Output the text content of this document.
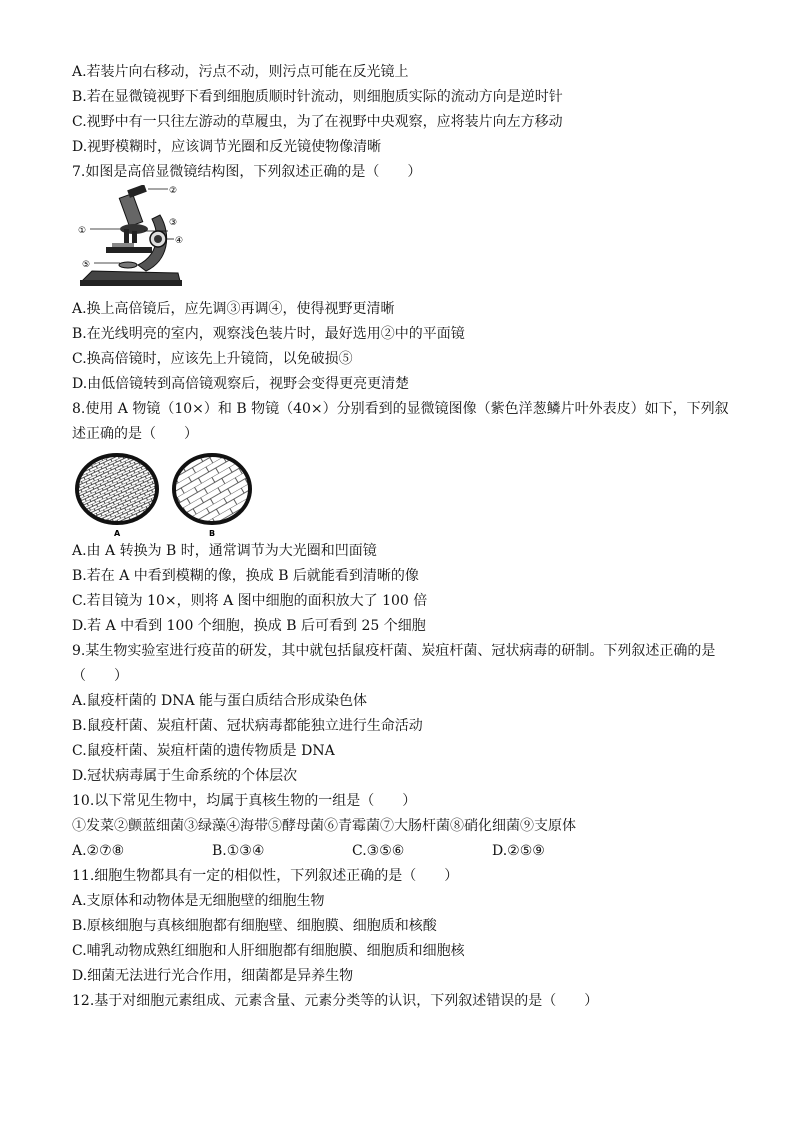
A.若装片向右移动，污点不动，则污点可能在反光镜上
B.若在显微镜视野下看到细胞质顺时针流动，则细胞质实际的流动方向是逆时针
C.视野中有一只往左游动的草履虫，为了在视野中央观察，应将装片向左方移动
D.视野模糊时，应该调节光圈和反光镜使物像清晰
7.如图是高倍显微镜结构图，下列叙述正确的是（　　）
②
①
③
④
⑤
A.换上高倍镜后，应先调③再调④，使得视野更清晰
B.在光线明亮的室内，观察浅色装片时，最好选用②中的平面镜
C.换高倍镜时，应该先上升镜筒，以免破损⑤
D.由低倍镜转到高倍镜观察后，视野会变得更亮更清楚
8.使用 A 物镜（10×）和 B 物镜（40×）分别看到的显微镜图像（紫色洋葱鳞片叶外表皮）如下，下列叙
述正确的是（　　）
A	B
A.由 A 转换为 B 时，通常调节为大光圈和凹面镜
B.若在 A 中看到模糊的像，换成 B 后就能看到清晰的像
C.若目镜为 10×，则将 A 图中细胞的面积放大了 100 倍
D.若 A 中看到 100 个细胞，换成 B 后可看到 25 个细胞
9.某生物实验室进行疫苗的研发，其中就包括鼠疫杆菌、炭疽杆菌、冠状病毒的研制。下列叙述正确的是
（　　）
A.鼠疫杆菌的 DNA 能与蛋白质结合形成染色体
B.鼠疫杆菌、炭疽杆菌、冠状病毒都能独立进行生命活动
C.鼠疫杆菌、炭疽杆菌的遗传物质是 DNA
D.冠状病毒属于生命系统的个体层次
10.以下常见生物中，均属于真核生物的一组是（　　）
①发菜②颤蓝细菌③绿藻④海带⑤酵母菌⑥青霉菌⑦大肠杆菌⑧硝化细菌⑨支原体
A.②⑦⑧	B.①③④	C.③⑤⑥	D.②⑤⑨
11.细胞生物都具有一定的相似性，下列叙述正确的是（　　）
A.支原体和动物体是无细胞壁的细胞生物
B.原核细胞与真核细胞都有细胞壁、细胞膜、细胞质和核酸
C.哺乳动物成熟红细胞和人肝细胞都有细胞膜、细胞质和细胞核
D.细菌无法进行光合作用，细菌都是异养生物
12.基于对细胞元素组成、元素含量、元素分类等的认识，下列叙述错误的是（　　）
